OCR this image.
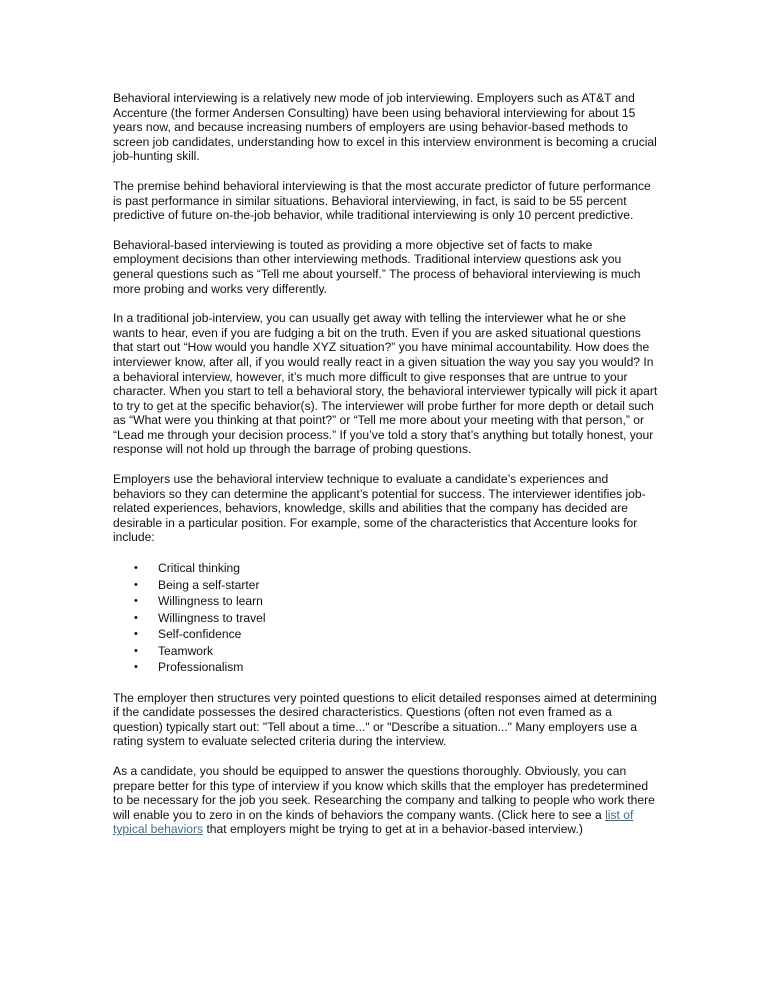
Behavioral interviewing is a relatively new mode of job interviewing. Employers such as AT&T and Accenture (the former Andersen Consulting) have been using behavioral interviewing for about 15 years now, and because increasing numbers of employers are using behavior-based methods to screen job candidates, understanding how to excel in this interview environment is becoming a crucial job-hunting skill.

The premise behind behavioral interviewing is that the most accurate predictor of future performance is past performance in similar situations. Behavioral interviewing, in fact, is said to be 55 percent predictive of future on-the-job behavior, while traditional interviewing is only 10 percent predictive.

Behavioral-based interviewing is touted as providing a more objective set of facts to make employment decisions than other interviewing methods. Traditional interview questions ask you general questions such as “Tell me about yourself.” The process of behavioral interviewing is much more probing and works very differently.

In a traditional job-interview, you can usually get away with telling the interviewer what he or she wants to hear, even if you are fudging a bit on the truth. Even if you are asked situational questions that start out “How would you handle XYZ situation?” you have minimal accountability. How does the interviewer know, after all, if you would really react in a given situation the way you say you would? In a behavioral interview, however, it’s much more difficult to give responses that are untrue to your character. When you start to tell a behavioral story, the behavioral interviewer typically will pick it apart to try to get at the specific behavior(s). The interviewer will probe further for more depth or detail such as “What were you thinking at that point?” or “Tell me more about your meeting with that person,” or “Lead me through your decision process.” If you’ve told a story that’s anything but totally honest, your response will not hold up through the barrage of probing questions.

Employers use the behavioral interview technique to evaluate a candidate’s experiences and behaviors so they can determine the applicant’s potential for success. The interviewer identifies job-related experiences, behaviors, knowledge, skills and abilities that the company has decided are desirable in a particular position. For example, some of the characteristics that Accenture looks for include:

• Critical thinking
• Being a self-starter
• Willingness to learn
• Willingness to travel
• Self-confidence
• Teamwork
• Professionalism

The employer then structures very pointed questions to elicit detailed responses aimed at determining if the candidate possesses the desired characteristics. Questions (often not even framed as a question) typically start out: "Tell about a time..." or "Describe a situation..." Many employers use a rating system to evaluate selected criteria during the interview.

As a candidate, you should be equipped to answer the questions thoroughly. Obviously, you can prepare better for this type of interview if you know which skills that the employer has predetermined to be necessary for the job you seek. Researching the company and talking to people who work there will enable you to zero in on the kinds of behaviors the company wants. (Click here to see a list of typical behaviors that employers might be trying to get at in a behavior-based interview.)
